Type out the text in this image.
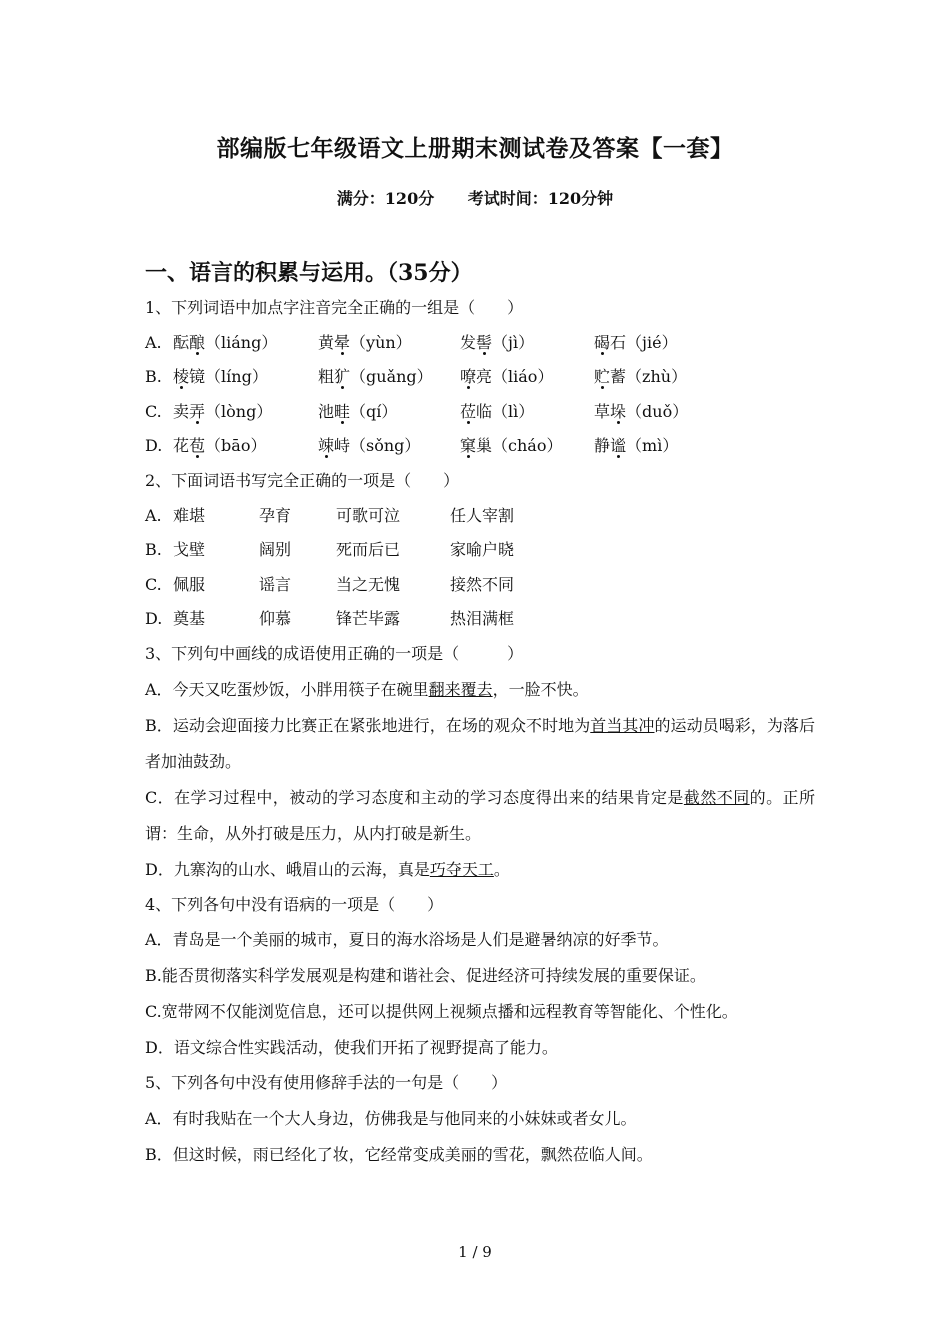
部编版七年级语文上册期末测试卷及答案【一套】
满分：120分 考试时间：120分钟
一、语言的积累与运用。（35分）
1、下列词语中加点字注音完全正确的一组是（　　）
A. 酝酿（liáng）	黄晕（yùn）	发髻（jì）	碣石（jié）
B. 棱镜（líng）	粗犷（guǎng）	嘹亮（liáo）	贮蓄（zhù）
C. 卖弄（lòng）	池畦（qí）	莅临（lì）	草垛（duǒ）
D. 花苞（bāo）	竦峙（sǒng）	窠巢（cháo）	静谧（mì）
2、下面词语书写完全正确的一项是（　　）
A. 难堪	孕育	可歌可泣	任人宰割
B. 戈壁	阔别	死而后已	家喻户晓
C. 佩服	谣言	当之无愧	接然不同
D. 奠基	仰慕	锋芒毕露	热泪满框
3、下列句中画线的成语使用正确的一项是（　　　）
A．今天又吃蛋炒饭，小胖用筷子在碗里翻来覆去，一脸不快。
B．运动会迎面接力比赛正在紧张地进行，在场的观众不时地为首当其冲的运动员喝彩，为落后者加油鼓劲。
C．在学习过程中，被动的学习态度和主动的学习态度得出来的结果肯定是截然不同的。正所谓：生命，从外打破是压力，从内打破是新生。
D．九寨沟的山水、峨眉山的云海，真是巧夺天工。
4、下列各句中没有语病的一项是（　　）
A．青岛是一个美丽的城市，夏日的海水浴场是人们是避暑纳凉的好季节。
B.能否贯彻落实科学发展观是构建和谐社会、促进经济可持续发展的重要保证。
C.宽带网不仅能浏览信息，还可以提供网上视频点播和远程教育等智能化、个性化。
D．语文综合性实践活动，使我们开拓了视野提高了能力。
5、下列各句中没有使用修辞手法的一句是（　　）
A．有时我贴在一个大人身边，仿佛我是与他同来的小妹妹或者女儿。
B．但这时候，雨已经化了妆，它经常变成美丽的雪花，飘然莅临人间。
1 / 9
